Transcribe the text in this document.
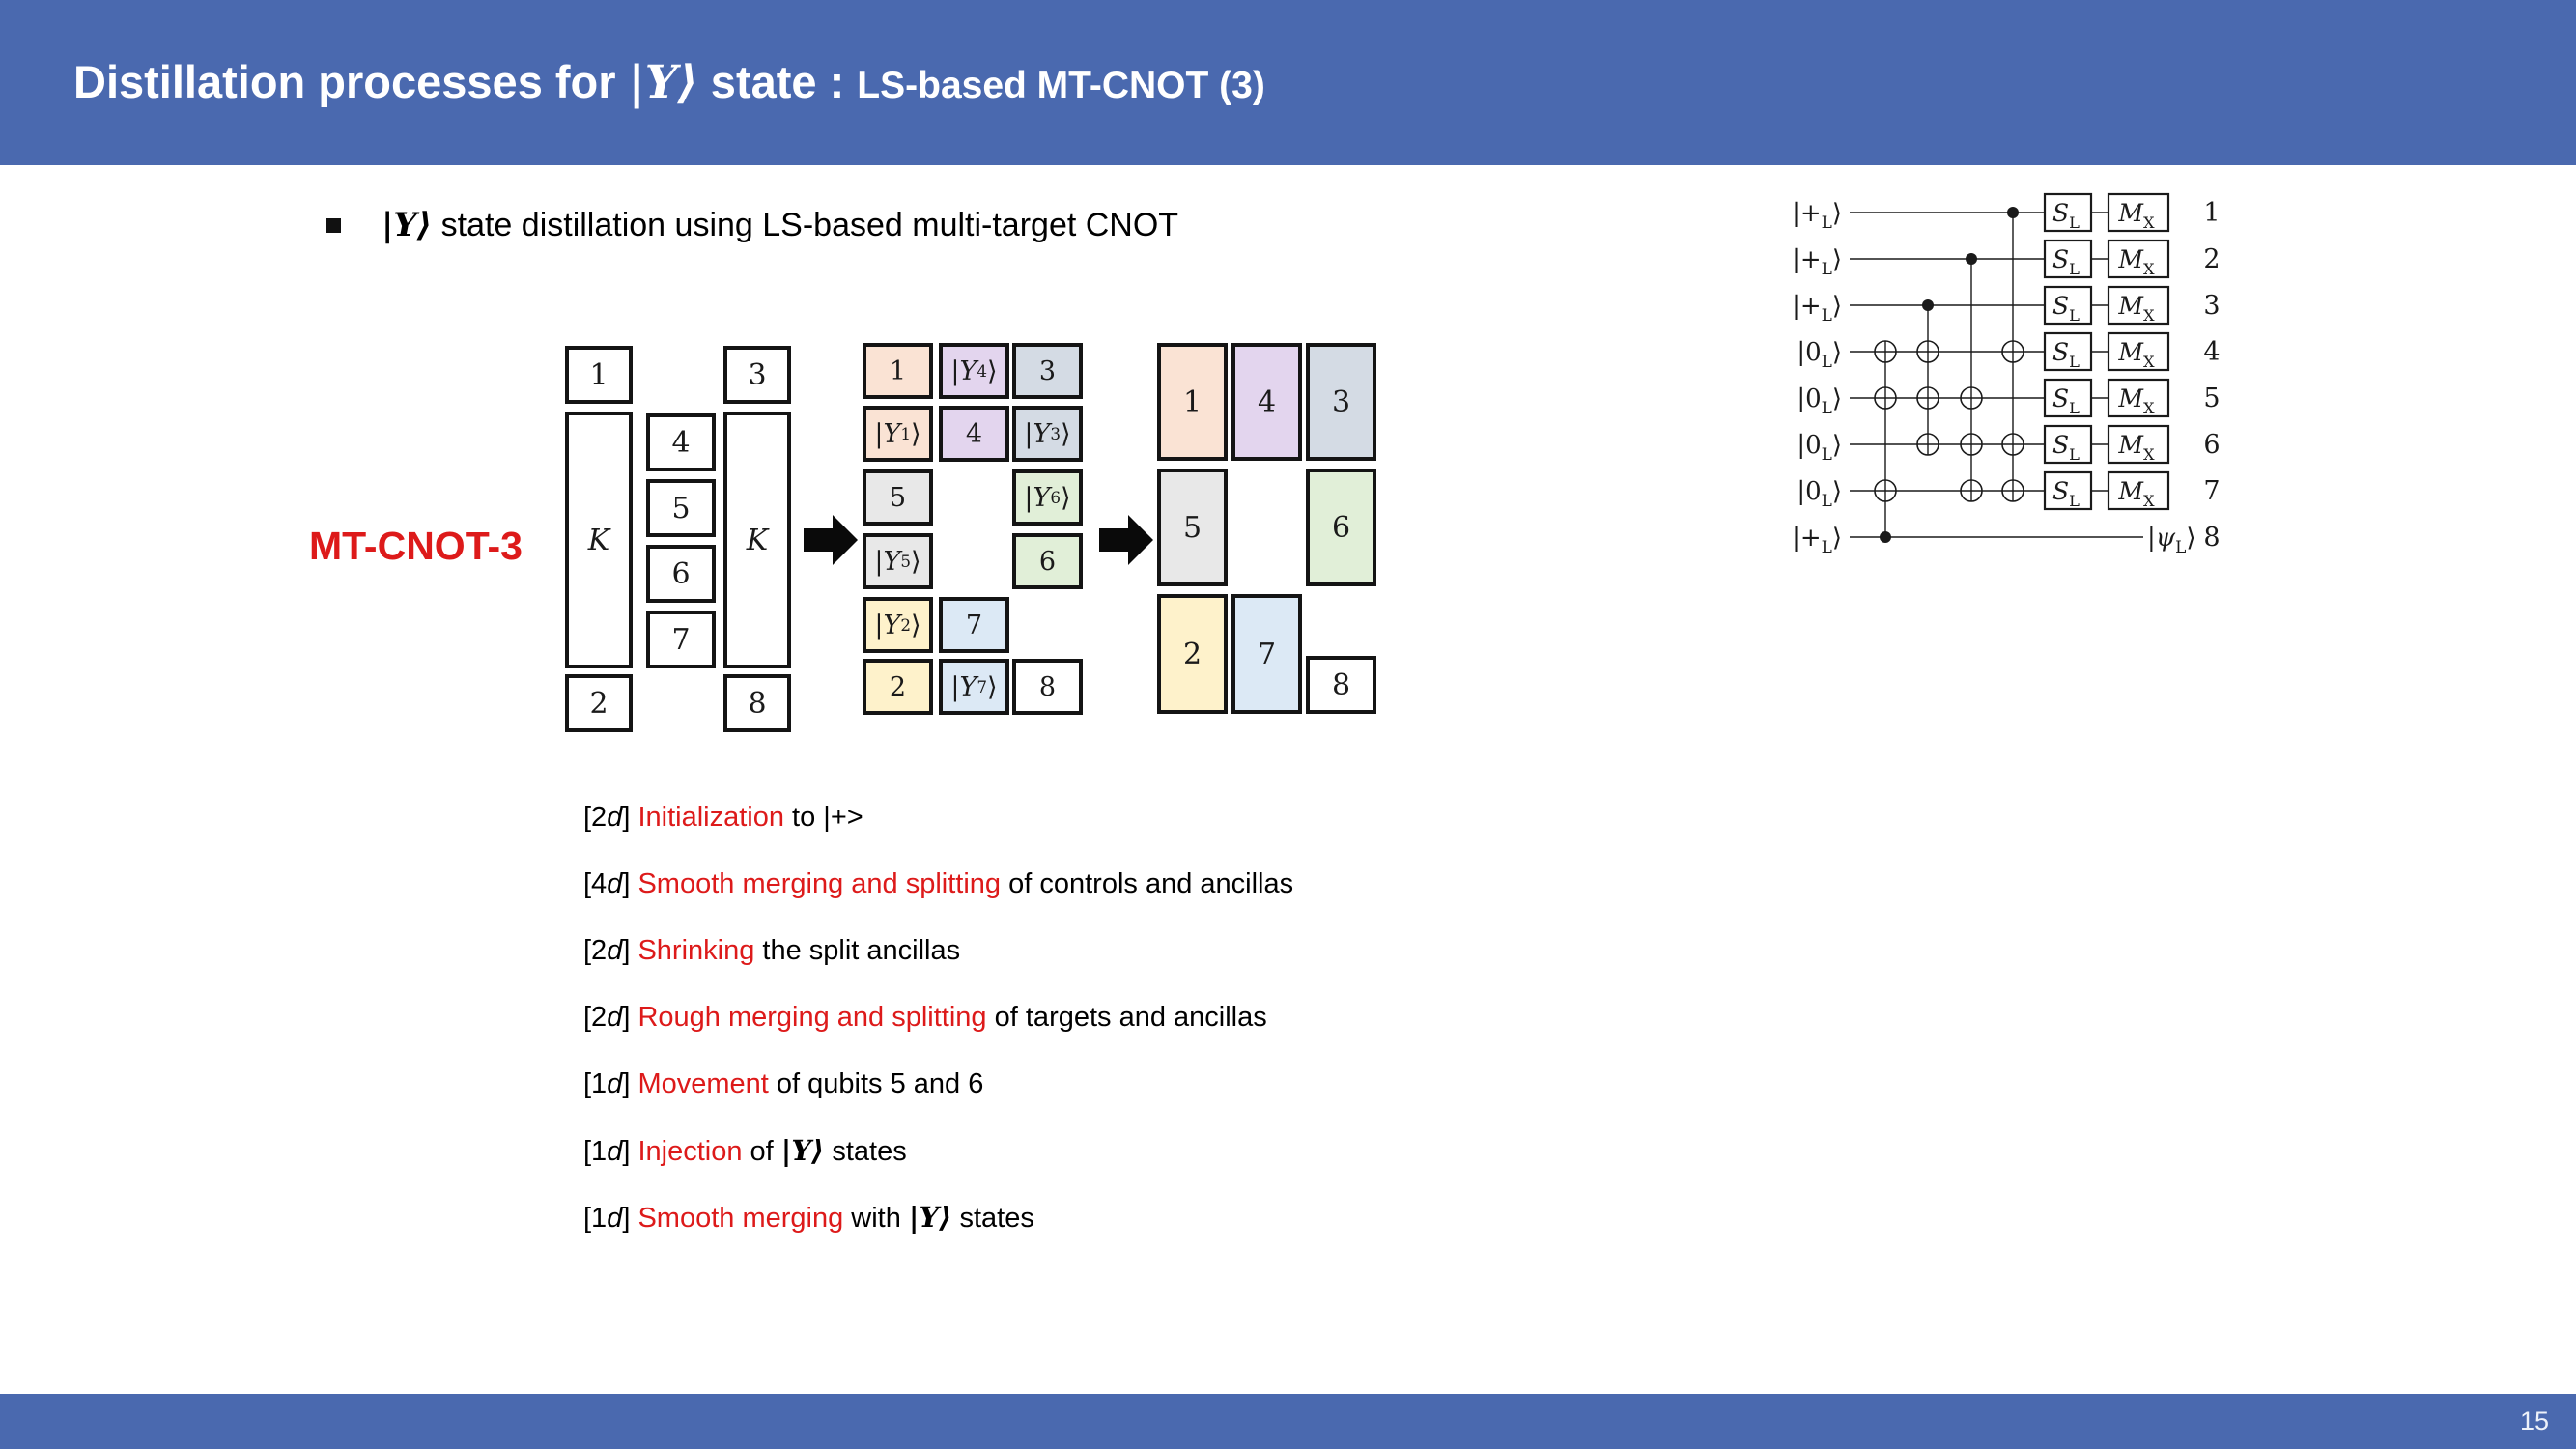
Distillation processes for |Y⟩ state : LS-based MT-CNOT (3)
|Y⟩ state distillation using LS-based multi-target CNOT
MT-CNOT-3
1
K
2
4
5
6
7
3
K
8
1	| Y 4 ⟩	3
| Y 1 ⟩	4	| Y 3 ⟩
5	| Y 6 ⟩
| Y 5 ⟩	6
| Y 2 ⟩	7
2	| Y 7 ⟩	8
1	4	3
5	6
2	7
8
$|+_L⟩$	1
$|+_L⟩$	2
$|+_L⟩$	3
$|0_L⟩$	4
$|0_L⟩$	5
$|0_L⟩$	6
$|0_L⟩$	7
$|+_L⟩$	$|\psi_L⟩$ 8
$S_L$ $M_X$
$S_L$ $M_X$
$S_L$ $M_X$
$S_L$ $M_X$
$S_L$ $M_X$
$S_L$ $M_X$
$S_L$ $M_X$
[2d] Initialization to |+>
[4d] Smooth merging and splitting of controls and ancillas
[2d] Shrinking the split ancillas
[2d] Rough merging and splitting of targets and ancillas
[1d] Movement of qubits 5 and 6
[1d] Injection of |Y⟩ states
[1d] Smooth merging with |Y⟩ states
15
